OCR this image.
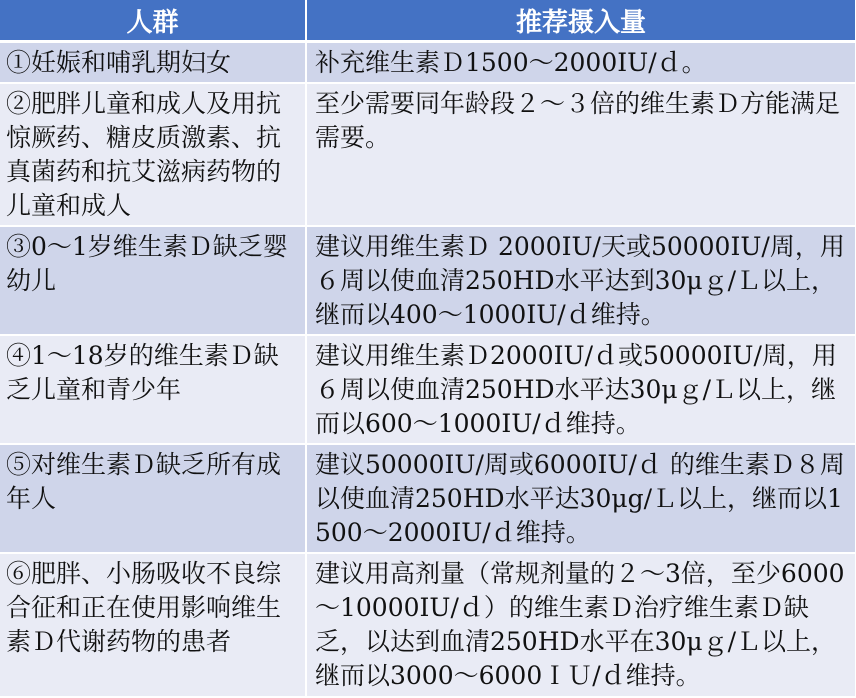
人群	推荐摄入量
①妊娠和哺乳期妇女	补充维生素Ｄ1500～2000IU/ｄ。
②肥胖儿童和成人及用抗惊厥药、糖皮质激素、抗真菌药和抗艾滋病药物的儿童和成人	至少需要同年龄段２～３倍的维生素Ｄ方能满足需要。
③0～1岁维生素Ｄ缺乏婴幼儿	建议用维生素Ｄ 2000IU/天或50000IU/周，用６周以使血清250HD水平达到30μｇ/Ｌ以上，继而以400～1000IU/ｄ维持。
④1～18岁的维生素Ｄ缺乏儿童和青少年	建议用维生素Ｄ2000IU/ｄ或50000IU/周，用６周以使血清250HD水平达30μｇ/Ｌ以上，继而以600～1000IU/ｄ维持。
⑤对维生素Ｄ缺乏所有成年人	建议50000IU/周或6000IU/ｄ 的维生素Ｄ８周以使血清250HD水平达30μg/Ｌ以上，继而以1500～2000IU/ｄ维持。
⑥肥胖、小肠吸收不良综合征和正在使用影响维生素Ｄ代谢药物的患者	建议用高剂量（常规剂量的２～3倍，至少6000～10000IU/ｄ）的维生素Ｄ治疗维生素Ｄ缺乏，以达到血清250HD水平在30μｇ/Ｌ以上，继而以3000～6000ＩＵ/ｄ维持。
